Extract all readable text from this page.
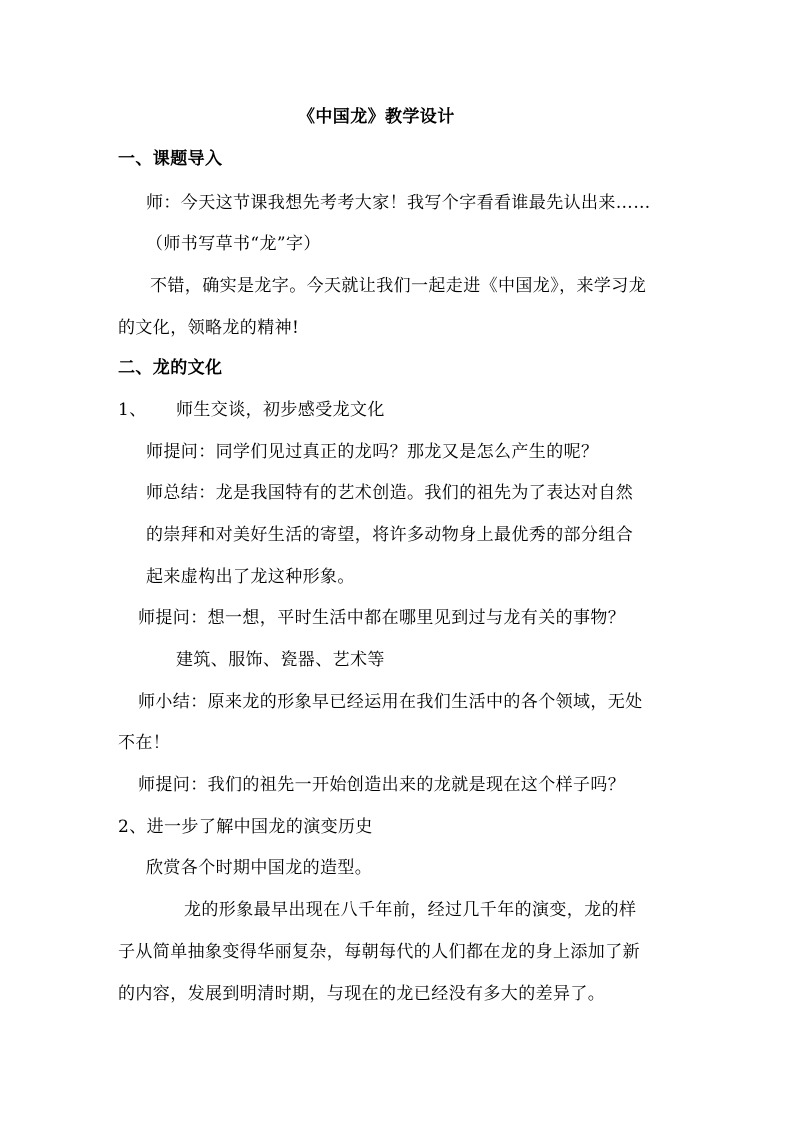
《中国龙》教学设计
一、课题导入
师：今天这节课我想先考考大家！我写个字看看谁最先认出来……
（师书写草书“龙”字）
不错，确实是龙字。今天就让我们一起走进《中国龙》，来学习龙
的文化，领略龙的精神!
二、龙的文化
1、 师生交谈，初步感受龙文化
师提问：同学们见过真正的龙吗？那龙又是怎么产生的呢？
师总结：龙是我国特有的艺术创造。我们的祖先为了表达对自然
的崇拜和对美好生活的寄望，将许多动物身上最优秀的部分组合
起来虚构出了龙这种形象。
师提问：想一想，平时生活中都在哪里见到过与龙有关的事物？
建筑、服饰、瓷器、艺术等
师小结：原来龙的形象早已经运用在我们生活中的各个领域，无处
不在！
师提问：我们的祖先一开始创造出来的龙就是现在这个样子吗？
2、进一步了解中国龙的演变历史
欣赏各个时期中国龙的造型。
龙的形象最早出现在八千年前，经过几千年的演变，龙的样
子从简单抽象变得华丽复杂，每朝每代的人们都在龙的身上添加了新
的内容，发展到明清时期，与现在的龙已经没有多大的差异了。
